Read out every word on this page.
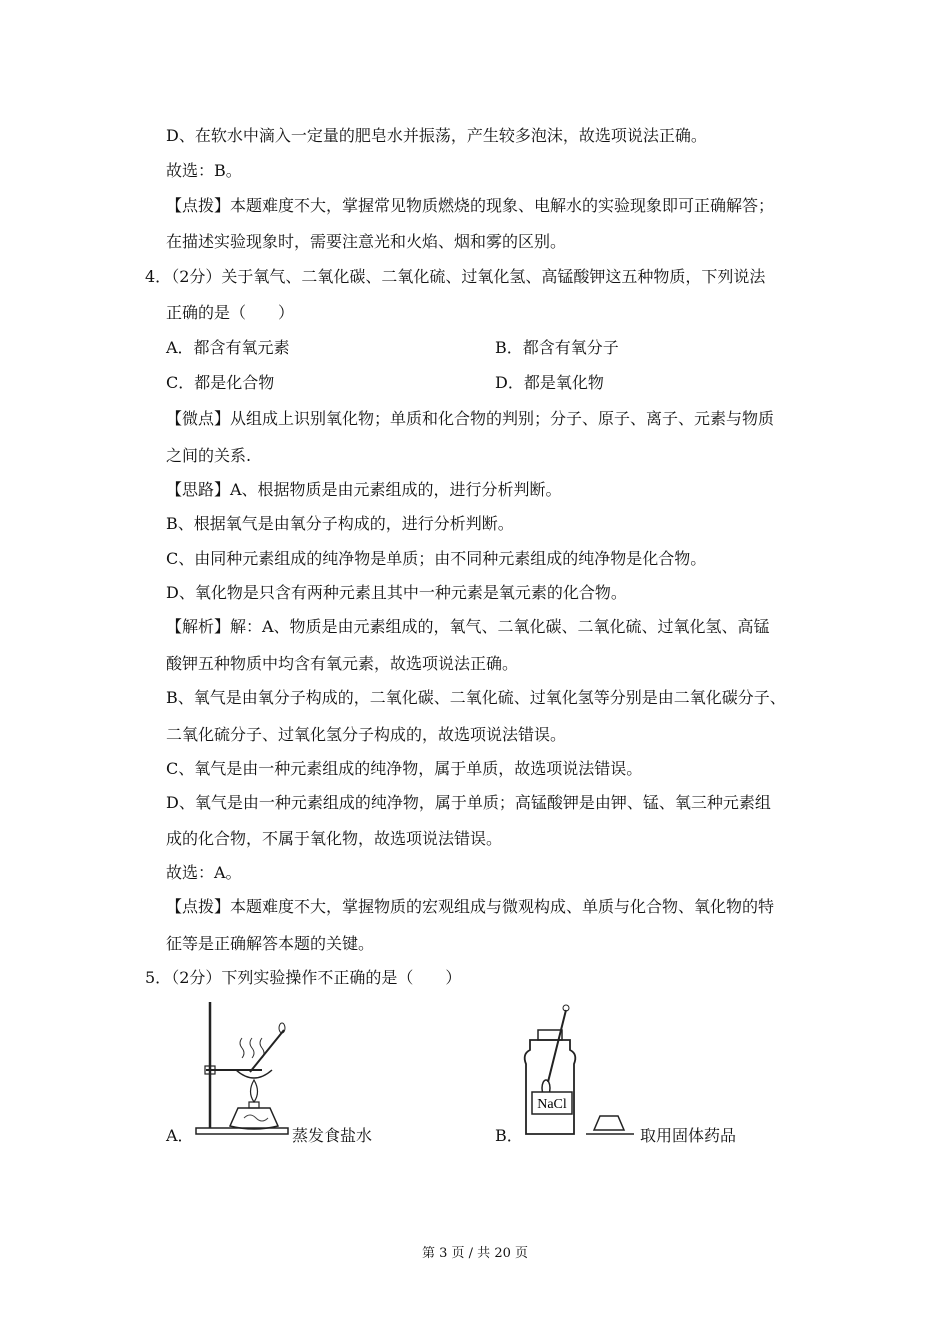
D、在软水中滴入一定量的肥皂水并振荡，产生较多泡沫，故选项说法正确。
故选：B。
【点拨】本题难度不大，掌握常见物质燃烧的现象、电解水的实验现象即可正确解答；
在描述实验现象时，需要注意光和火焰、烟和雾的区别。
4．（2分）关于氧气、二氧化碳、二氧化硫、过氧化氢、高锰酸钾这五种物质，下列说法
正确的是（　　）
A．都含有氧元素	B．都含有氧分子
C．都是化合物	D．都是氧化物
【微点】从组成上识别氧化物；单质和化合物的判别；分子、原子、离子、元素与物质
之间的关系.
【思路】A、根据物质是由元素组成的，进行分析判断。
B、根据氧气是由氧分子构成的，进行分析判断。
C、由同种元素组成的纯净物是单质；由不同种元素组成的纯净物是化合物。
D、氧化物是只含有两种元素且其中一种元素是氧元素的化合物。
【解析】解：A、物质是由元素组成的，氧气、二氧化碳、二氧化硫、过氧化氢、高锰
酸钾五种物质中均含有氧元素，故选项说法正确。
B、氧气是由氧分子构成的，二氧化碳、二氧化硫、过氧化氢等分别是由二氧化碳分子、
二氧化硫分子、过氧化氢分子构成的，故选项说法错误。
C、氧气是由一种元素组成的纯净物，属于单质，故选项说法错误。
D、氧气是由一种元素组成的纯净物，属于单质；高锰酸钾是由钾、锰、氧三种元素组
成的化合物，不属于氧化物，故选项说法错误。
故选：A。
【点拨】本题难度不大，掌握物质的宏观组成与微观构成、单质与化合物、氧化物的特
征等是正确解答本题的关键。
5．（2分）下列实验操作不正确的是（　　）
A．	蒸发食盐水	B．
NaCl
取用固体药品
第 3 页 / 共 20 页
